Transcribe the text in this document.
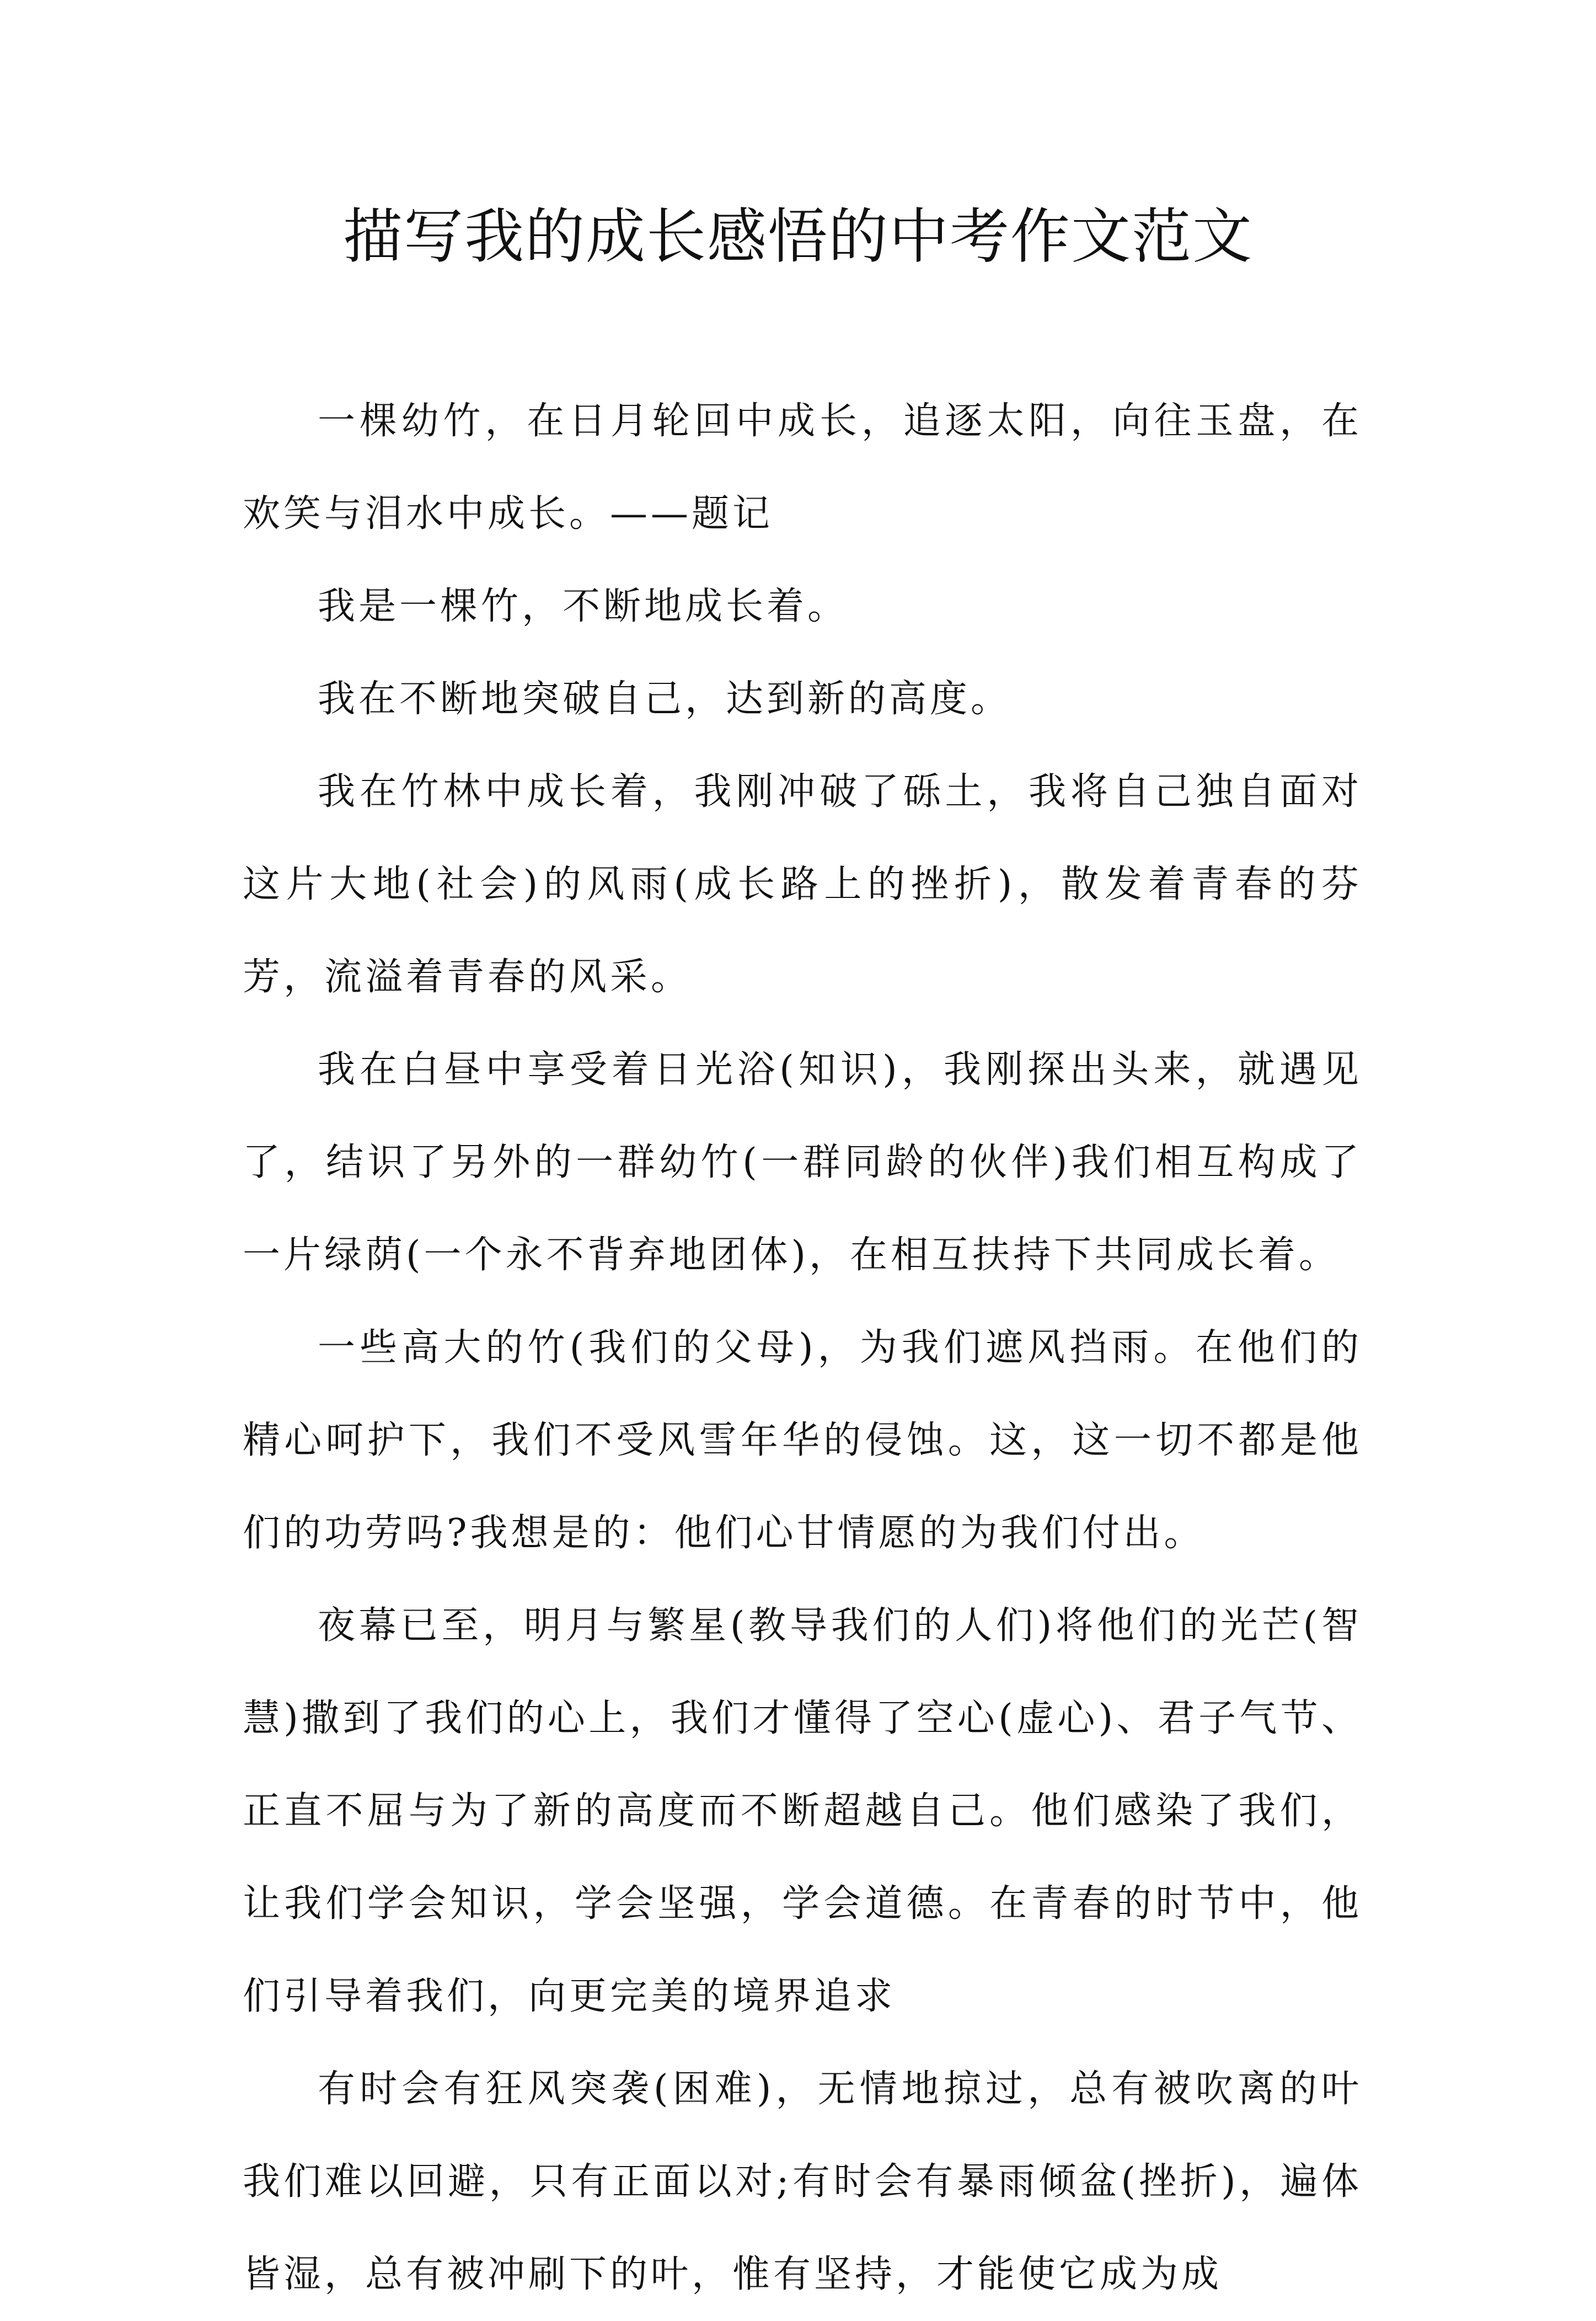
描写我的成长感悟的中考作文范文

一棵幼竹，在日月轮回中成长，追逐太阳，向往玉盘，在欢笑与泪水中成长。——题记

我是一棵竹，不断地成长着。

我在不断地突破自己，达到新的高度。

我在竹林中成长着，我刚冲破了砾土，我将自己独自面对这片大地(社会)的风雨(成长路上的挫折)，散发着青春的芬芳，流溢着青春的风采。

我在白昼中享受着日光浴(知识)，我刚探出头来，就遇见了，结识了另外的一群幼竹(一群同龄的伙伴)我们相互构成了一片绿荫(一个永不背弃地团体)，在相互扶持下共同成长着。

一些高大的竹(我们的父母)，为我们遮风挡雨。在他们的精心呵护下，我们不受风雪年华的侵蚀。这，这一切不都是他们的功劳吗?我想是的：他们心甘情愿的为我们付出。

夜幕已至，明月与繁星(教导我们的人们)将他们的光芒(智慧)撒到了我们的心上，我们才懂得了空心(虚心)、君子气节、正直不屈与为了新的高度而不断超越自己。他们感染了我们，让我们学会知识，学会坚强，学会道德。在青春的时节中，他们引导着我们，向更完美的境界追求

有时会有狂风突袭(困难)，无情地掠过，总有被吹离的叶我们难以回避，只有正面以对;有时会有暴雨倾盆(挫折)，遍体皆湿，总有被冲刷下的叶，惟有坚持，才能使它成为成
